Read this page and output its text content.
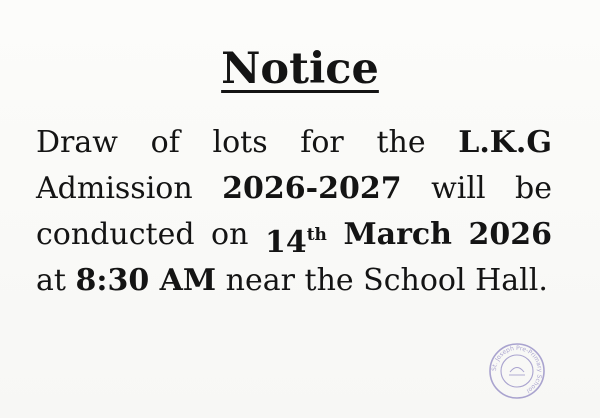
Notice
Draw of lots for the L.K.G
Admission 2026-2027 will be
conducted on 14th March 2026
at 8:30 AM near the School Hall.
St. Joseph Pre-Primary School
